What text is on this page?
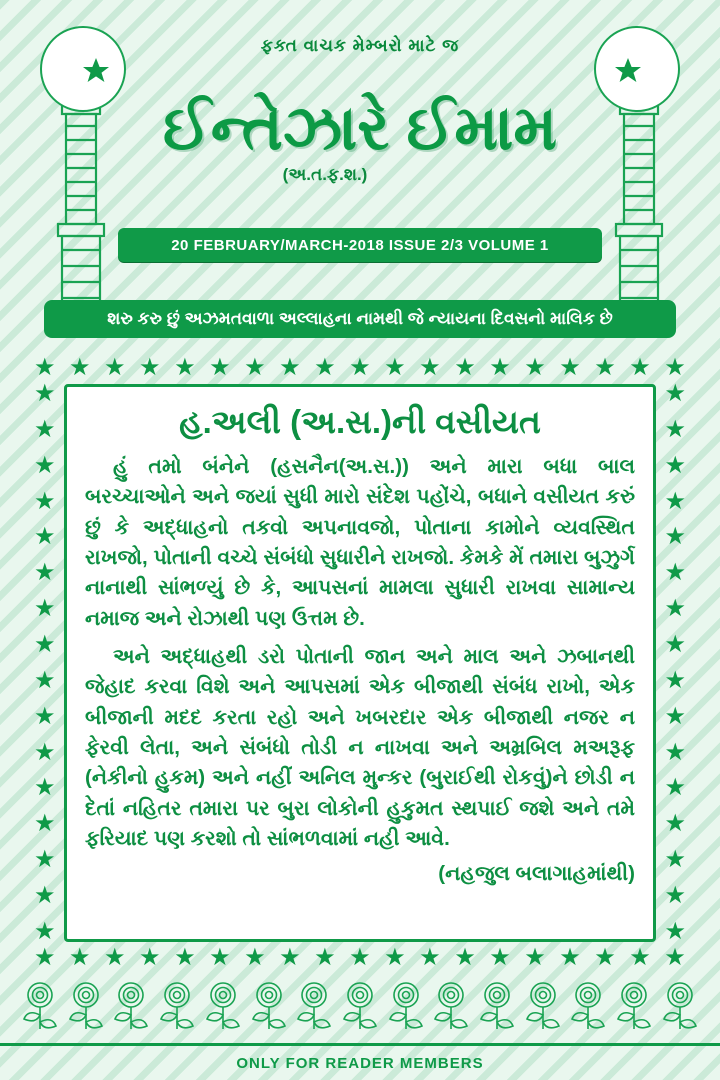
ફક્ત વાચક મેમ્બરો માટે જ
ઈન્તેઝારે ઈમામ
(અ.ત.ફ.શ.)
20 FEBRUARY/MARCH-2018 ISSUE 2/3 VOLUME 1
શરુ કરુ છું અઝમતવાળા અલ્લાહના નામથી જે ન્યાયના દિવસનો માલિક છે
★ ★ ★ ★ ★ ★ ★ ★ ★ ★ ★ ★ ★ ★ ★ ★ ★ ★ ★
★ ★ ★ ★ ★ ★ ★ ★ ★ ★ ★ ★ ★ ★ ★ ★ ★ ★ ★
★
★
★
★
★
★
★
★
★
★
★
★
★
★
★
★
★
★
★
★
★
★
★
★
★
★
★
★
★
★
★
★
હ.અલી (અ.સ.)ની વસીયત

હું તમો બંનેને (હસનૈન(અ.સ.)) અને મારા બધા બાલ બરચ્ચાઓને અને જયાં સુધી મારો સંદેશ પહોંચે, બધાને વસીયત કરું છું કે અદ્ધાહનો તકવો અપનાવજો, પોતાના કામોને વ્યવસ્થિત રાખજો, પોતાની વચ્ચે સંબંધો સુધારીને રાખજો. કેમકે મેં તમારા બુઝુર્ગ નાનાથી સાંભળ્યું છે કે, આપસનાં મામલા સુધારી રાખવા સામાન્ય નમાજ અને રોઝાથી પણ ઉત્તમ છે.

અને અદ્ધાહથી ડરો પોતાની જાન અને માલ અને ઝબાનથી જેહાદ કરવા વિશે અને આપસમાં એક બીજાથી સંબંધ રાખો, એક બીજાની મદદ કરતા રહો અને ખબરદાર એક બીજાથી નજર ન ફેરવી લેતા, અને સંબંધો તોડી ન નાખવા અને અમ્રબિલ મઅરૂફ (નેકીનો હુકમ) અને નહીં અનિલ મુન્કર (બુરાઈથી રોકવું)ને છોડી ન દેતાં નહિતર તમારા પર બુરા લોકોની હુકુમત સ્થપાઈ જશે અને તમે ફરિયાદ પણ કરશો તો સાંભળવામાં નહી આવે.

(નહજુલ બલાગાહમાંથી)
ONLY FOR READER MEMBERS
